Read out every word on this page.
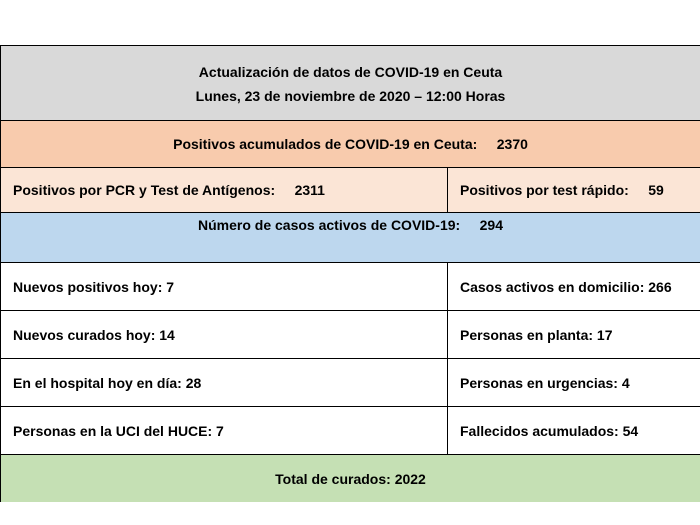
Actualización de datos de COVID-19 en Ceuta
Lunes, 23 de noviembre de 2020 – 12:00 Horas
Positivos acumulados de COVID-19 en Ceuta:     2370
Positivos por PCR y Test de Antígenos:     2311	Positivos por test rápido:     59
Número de casos activos de COVID-19:     294
Nuevos positivos hoy: 7	Casos activos en domicilio: 266
Nuevos curados hoy: 14	Personas en planta: 17
En el hospital hoy en día: 28	Personas en urgencias: 4
Personas en la UCI del HUCE: 7	Fallecidos acumulados: 54
Total de curados: 2022
